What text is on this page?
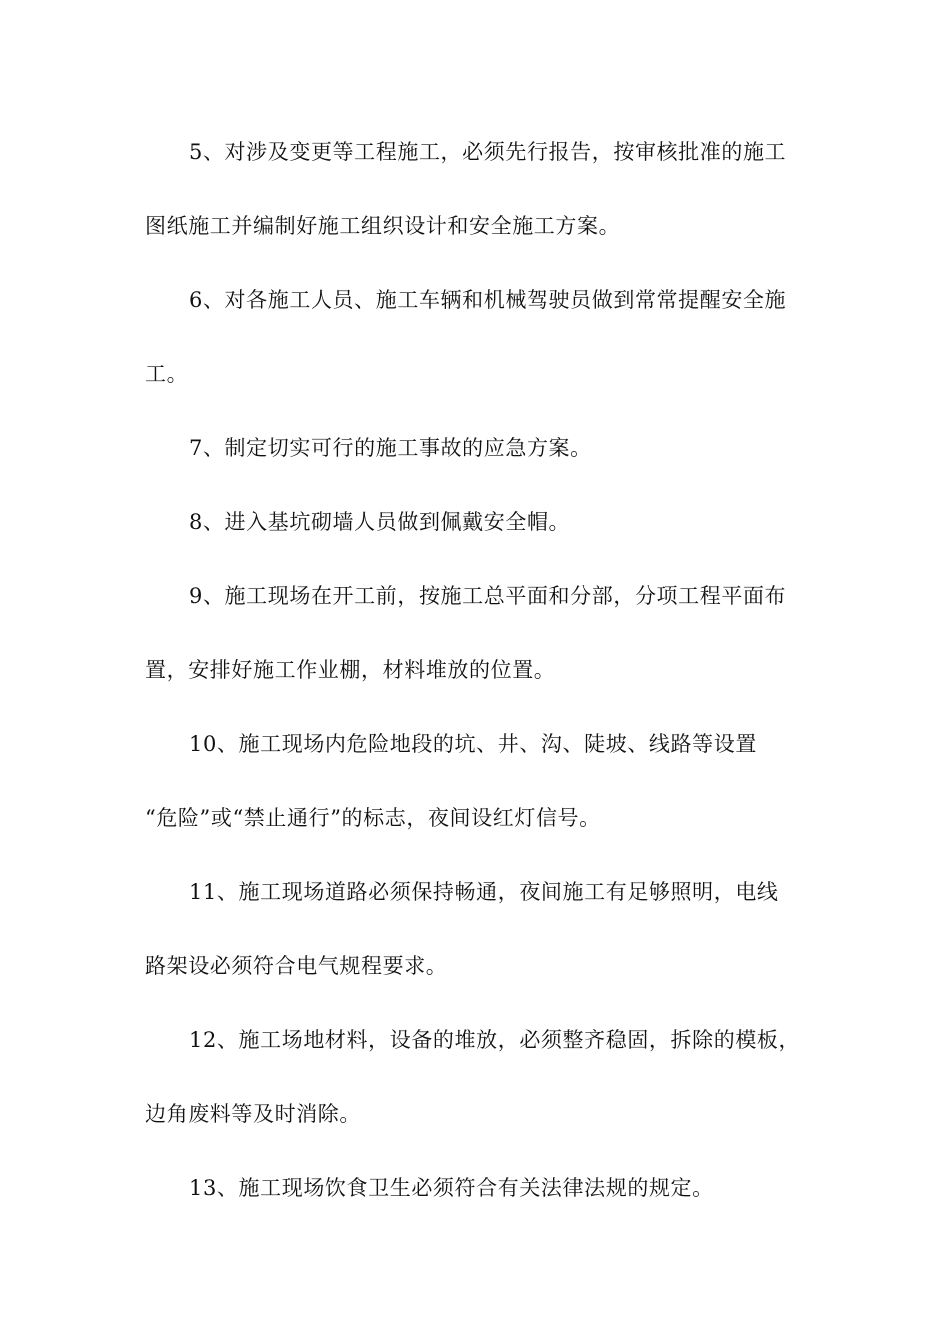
5、对涉及变更等工程施工，必须先行报告，按审核批准的施工
图纸施工并编制好施工组织设计和安全施工方案。
6、对各施工人员、施工车辆和机械驾驶员做到常常提醒安全施
工。
7、制定切实可行的施工事故的应急方案。
8、进入基坑砌墙人员做到佩戴安全帽。
9、施工现场在开工前，按施工总平面和分部，分项工程平面布
置，安排好施工作业棚，材料堆放的位置。
10、施工现场内危险地段的坑、井、沟、陡坡、线路等设置
“危险”或“禁止通行”的标志，夜间设红灯信号。
11、施工现场道路必须保持畅通，夜间施工有足够照明，电线
路架设必须符合电气规程要求。
12、施工场地材料，设备的堆放，必须整齐稳固，拆除的模板，
边角废料等及时消除。
13、施工现场饮食卫生必须符合有关法律法规的规定。
